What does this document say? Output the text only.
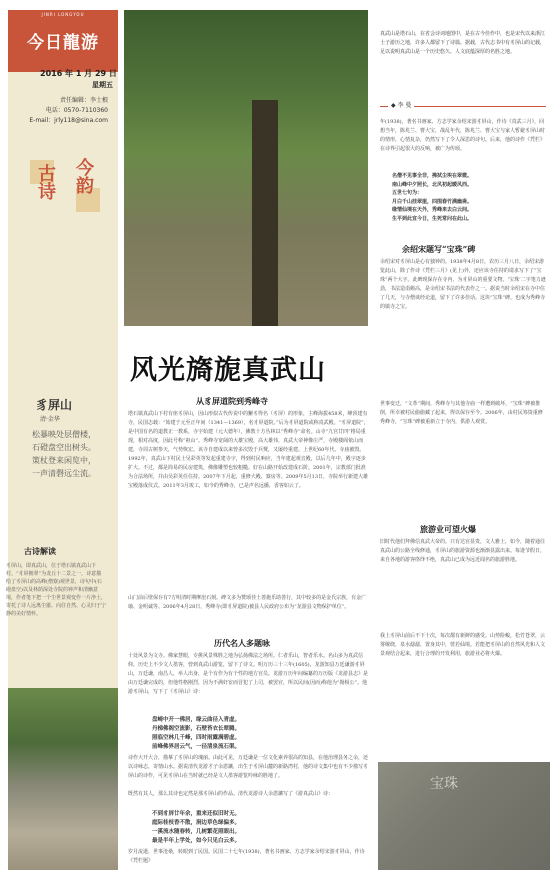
JINRI LONGYOU
今日龍游
2016 年 1 月 29 日
星期五
责任编辑：李士根
电话：0570-7110360
E-mail：jrly118@sina.com
古诗 今韵
豸屏山
清·金华
松暴映处层僧楼，
石磴盘空出树头。
策杖登来闲览中，
一声清磬远尘流。
古诗解读
豸屏山，即真武山，位于塔石镇真武山下村。“豸屏拥翠”为龙丘十二景之一，诗意描绘了豸屏山的高峰(僧寮)观世景，诗句中(石磴盘空)以及林荫深处寺院的钟声和清幽意境，作者笔下把一个尘世景观变作一片净土，寄托了诗人远离尘嚣、向往自然、心灵归于宁静的美好情怀。
风光旖旎真武山
从豸屏道院到秀峰寺
塔石镇真武山下村有座豸屏山，因山形似古代传说中的獬豸得名（豸屏）的形象，主峰海拔458米，峰顶建有寺，民国志载：“始建于元至正年间（1341—1369），名豸屏道院，”后为豸屏道院或称真武殿。“豸屏道院”，是中国有名的道教正一教系，寺宇始建（元大德年），佛教十方丛林以“秀峰寺”命名。山寺“九宫廿四”格局重现，相对高度，因此号称“祖山”。秀峰寺宽阔的大雄宝殿，高大雄伟，真武大帝神像庄严，寺殿楼阁依山而建，寺周古树参天，气势恢宏。该寺自建成以来曾多次毁于兵燹，又屡经重建。上世纪60年代，寺庙被毁。1992年，真武山下村民士吴彩英等发起重建寺宇，得到村民响应，当年建起观音殿，以后几年中，殿宇逐步扩大。不过，都是简易的民房建筑，佛像雕塑也较粗糙。好在山路开始改建成石阶。2001年，宗教部门批准为合法场所，并由吴彩英任住持。2007年下月起，重修大殿、寮房等。2009年5月13日，寺院举行新建大雄宝殿落成仪式。2011年3月竣工，如今的秀峰寺，已是声名远播，香客如云了。
山门前后壁保存有7方明清时期摩崖石刻。碑文多为赞颂佳士善施乐助善行，其中较多的是金氏宗族，有金广瑜、金明诚等。2006年4月28日，秀峰寺(即豸屏道院)被县人民政府公布为“龙游县文物保护单位”。
历代名人多题咏
十处风景为文寺。佛家慧眼，专挑风景殊胜之地为弘扬佛法之场所。仁者乐山，智者乐水。名山多为真武信仰。历史上不少文人墨客，曾到真武山游览，留下了诗文。明万历三十三年(1605)，龙游知县万廷谦游豸屏山，万廷谦，南昌人，举人出身，是个有作为有个性的地方官员。龙游万历年间编纂的万历版《龙游县志》是由万廷谦完成的，但他性格刚烈，因为不满奸宦而冒犯了上司，被罢官，所以民间(因而)称他为“拗相公”。他游豸屏山，写下了《豸屏山》诗：
盘崎中开一佛居，缘云曲径入青虚。
丹梯佛阁空流影，石壁苔衣长翠腾。
照临空林几千峰，四时雨露满碧虚。
前峰佛界居云气，一径清泉流石渠。
诗作大开大合，描摹了豸屏山的瑰丽。由此可见，万廷谦是一位文化素养很高的知县，在他治理县务之余，还以诗咏志，寄情山水。据说清代龙游才子余恩鑛，出生于豸屏山麓的新路湾村，他的诗文集中也有不少描写豸屏山的诗作，可见豸屏山在当时就已经是文人墨客游览吟咏的胜地了。
既然有其人，那么其诗也定然是那豸屏山的作品。清代龙游诗人余恩鑛写了《游真武山》诗：
不到豸屏廿年余，重来还似旧时无。
庭际桂枝香不散，涧边草色绿偏多。
一溪流水随春转，几树繁花照眼出。
最是半年上学处，如今只见白云多。
岁月流逝，世事沧桑，转眼到了民国。民国二十七年(1938)，著名书画家、方志学家余绍宋游豸屏山，作诗《凭栏题》
真武山是塔石山，在省会诗词地图中，是在古今佳作中，也是宋代以来浙江士子游历之地，许多人都留下了诗篇。据载，古代志书中有豸屏山的记载，足以说明真武山是一个历史悠久、人文底蕴深厚的名胜之地。
◆ 李 曼
年(1938)，著名书画家、方志学家余绍宋游豸屏山，作诗《真武三月》，回想当年，陈兆兰、曹大宝，战乱年代，陈兆兰、曹大宝与家人暂避豸屏山时的情形，心情复杂，仍然写下了令人深思的诗句。后来，他的诗作《凭栏》在诗界引起很大的反响，被广为传颂。
名僧不见事全非，拂拭尘埃在翠微。
南山峰中夕照长，北风初起暖风西。
五世七句为：
月白千山挂翠崖，四围春竹满幽斋。
缘情仙境在天外，秀峰来去白云间。
生平到此宜今日，生死常问在此山。
余绍宋题写“宝珠”碑
余绍宋对豸屏山是心有独钟的。1938年4月8日，农历三月八日，余绍宋游览此山，除了作诗《凭栏三月》(见上)外，还应该寺住持的请求写下了“宝珠”两个大字。此碑现保存在寺内，为豸屏山的重要文物。‘宝珠’二字笔力遒劲，书法造诣颇高，是余绍宋书法的代表作之一。据说当时余绍宋在寺中住了几天，与寺僧谈经论道，留下了许多佳话。这块“宝珠”碑，也成为秀峰寺的镇寺之宝。
世事变迁，“文革”期间，秀峰寺与其他寺庙一样遭到破坏，“宝珠”碑被推倒，所幸被村民偷偷藏了起来，得以保存至今。2006年，由村民筹资重修秀峰寺，“宝珠”碑被重新立于寺内，供游人观赏。
旅游业可望火爆
旧时代他们拜佛信真武大帝的。只有达官显贵，文人雅士，如今，随着通往真武山的公路全线修通，豸屏山的旅游资源也渐渐显露出来。每逢节假日，来自各地的游客络绎不绝，真武山已成为远近闻名的旅游胜地。
我上豸屏山前后不下十次，每次都有新鲜的感受。山势险峻，松竹苍翠，云雾缭绕，泉水潺潺，置身其中，恍若仙境。若能把豸屏山的自然风光和人文景观结合起来，进行合理的开发利用，旅游业必将火爆。
宝珠
